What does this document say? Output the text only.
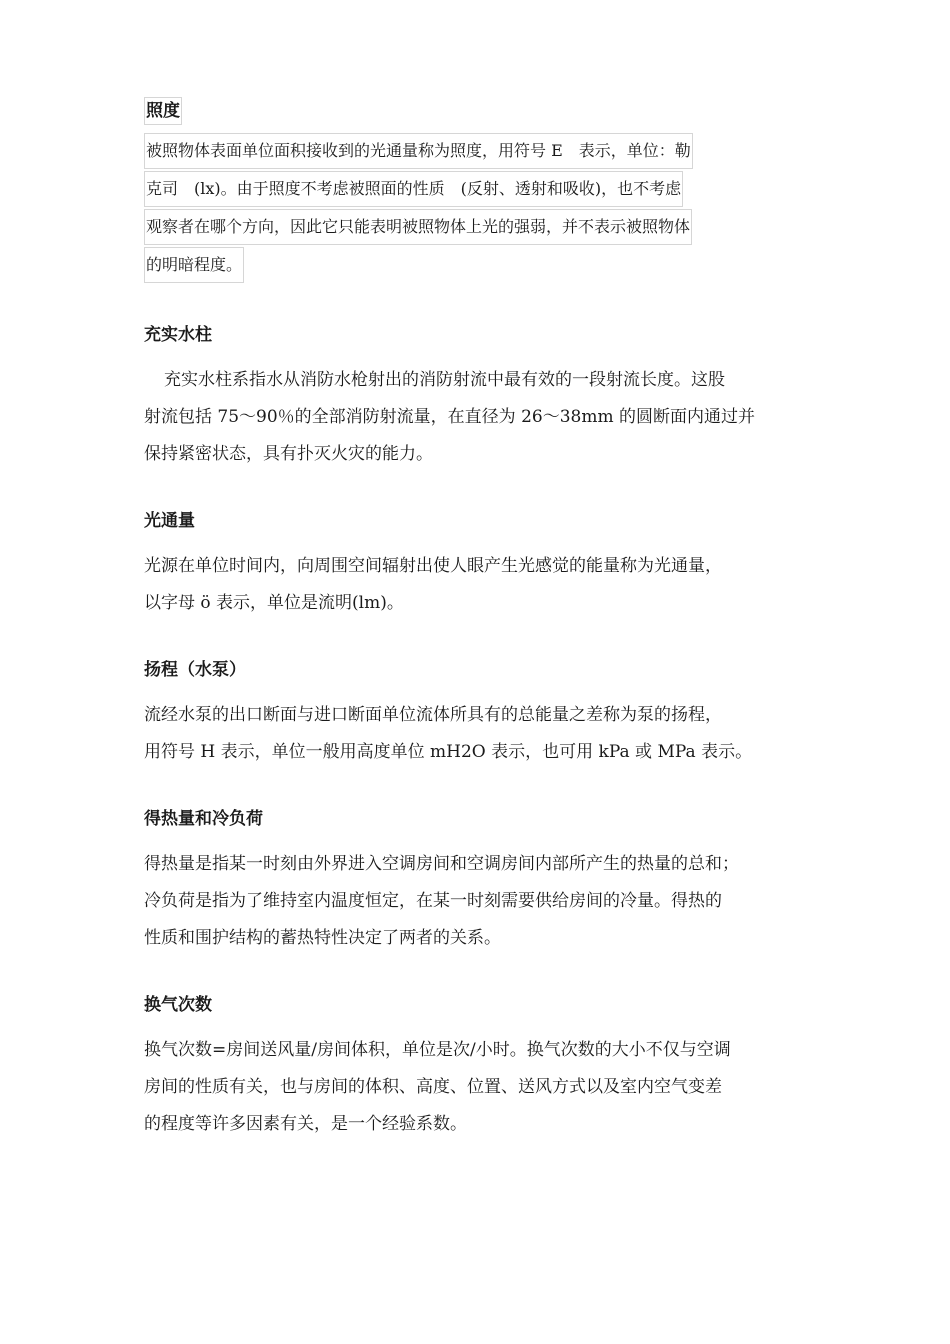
照度
被照物体表面单位面积接收到的光通量称为照度，用符号 E　表示，单位：勒
克司　(lx)。由于照度不考虑被照面的性质　(反射、透射和吸收)，也不考虑
观察者在哪个方向，因此它只能表明被照物体上光的强弱，并不表示被照物体
的明暗程度。
充实水柱
充实水柱系指水从消防水枪射出的消防射流中最有效的一段射流长度。这股
射流包括 75～90％的全部消防射流量，在直径为 26～38mm 的圆断面内通过并
保持紧密状态，具有扑灭火灾的能力。
光通量
光源在单位时间内，向周围空间辐射出使人眼产生光感觉的能量称为光通量，
以字母 ö 表示，单位是流明(lm)。
扬程（水泵）
流经水泵的出口断面与进口断面单位流体所具有的总能量之差称为泵的扬程，
用符号 H 表示，单位一般用高度单位 mH2O 表示，也可用 kPa 或 MPa 表示。
得热量和冷负荷
得热量是指某一时刻由外界进入空调房间和空调房间内部所产生的热量的总和；
冷负荷是指为了维持室内温度恒定，在某一时刻需要供给房间的冷量。得热的
性质和围护结构的蓄热特性决定了两者的关系。
换气次数
换气次数=房间送风量/房间体积，单位是次/小时。换气次数的大小不仅与空调
房间的性质有关，也与房间的体积、高度、位置、送风方式以及室内空气变差
的程度等许多因素有关，是一个经验系数。
